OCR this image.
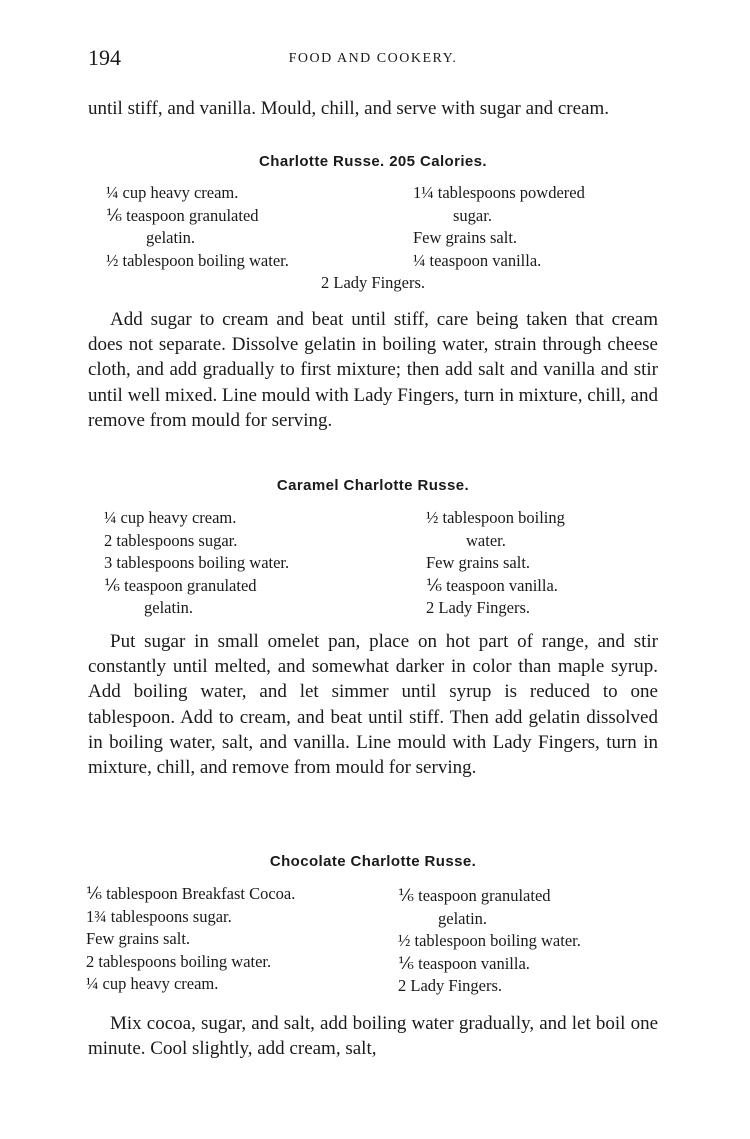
194	FOOD AND COOKERY.

until stiff, and vanilla. Mould, chill, and serve with sugar and cream.

Charlotte Russe. 205 Calories.

¼ cup heavy cream.
⅙ teaspoon granulated
gelatin.
½ tablespoon boiling water.
1¼ tablespoons powdered
sugar.
Few grains salt.
¼ teaspoon vanilla.
2 Lady Fingers.

Add sugar to cream and beat until stiff, care being taken that cream does not separate. Dissolve gelatin in boiling water, strain through cheese cloth, and add gradually to first mixture; then add salt and vanilla and stir until well mixed. Line mould with Lady Fingers, turn in mixture, chill, and remove from mould for serving.

Caramel Charlotte Russe.

¼ cup heavy cream.
2 tablespoons sugar.
3 tablespoons boiling water.
⅙ teaspoon granulated
gelatin.
½ tablespoon boiling
water.
Few grains salt.
⅙ teaspoon vanilla.
2 Lady Fingers.

Put sugar in small omelet pan, place on hot part of range, and stir constantly until melted, and somewhat darker in color than maple syrup. Add boiling water, and let simmer until syrup is reduced to one tablespoon. Add to cream, and beat until stiff. Then add gelatin dissolved in boiling water, salt, and vanilla. Line mould with Lady Fingers, turn in mixture, chill, and remove from mould for serving.

Chocolate Charlotte Russe.

⅙ tablespoon Breakfast Cocoa.
1¾ tablespoons sugar.
Few grains salt.
2 tablespoons boiling water.
¼ cup heavy cream.
⅙ teaspoon granulated
gelatin.
½ tablespoon boiling water.
⅙ teaspoon vanilla.
2 Lady Fingers.

Mix cocoa, sugar, and salt, add boiling water gradually, and let boil one minute. Cool slightly, add cream, salt,
